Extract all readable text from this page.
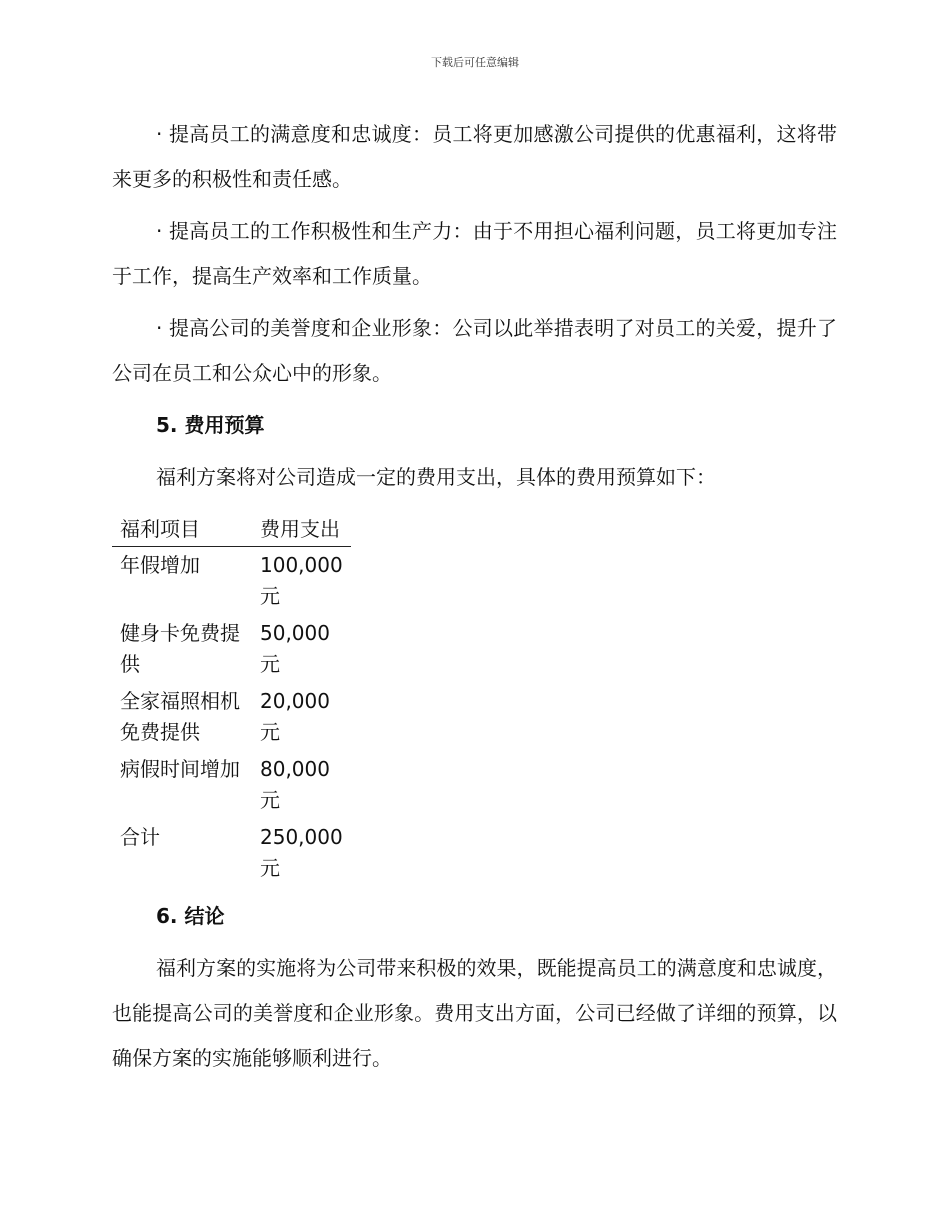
下载后可任意编辑

· 提高员工的满意度和忠诚度：员工将更加感激公司提供的优惠福利，这将带来更多的积极性和责任感。

· 提高员工的工作积极性和生产力：由于不用担心福利问题，员工将更加专注于工作，提高生产效率和工作质量。

· 提高公司的美誉度和企业形象：公司以此举措表明了对员工的关爱，提升了公司在员工和公众心中的形象。

5. 费用预算

福利方案将对公司造成一定的费用支出，具体的费用预算如下：

福利项目	费用支出
年假增加	100,000元
健身卡免费提供	50,000元
全家福照相机免费提供	20,000元
病假时间增加	80,000元
合计	250,000元
6. 结论

福利方案的实施将为公司带来积极的效果，既能提高员工的满意度和忠诚度，也能提高公司的美誉度和企业形象。费用支出方面，公司已经做了详细的预算，以确保方案的实施能够顺利进行。
